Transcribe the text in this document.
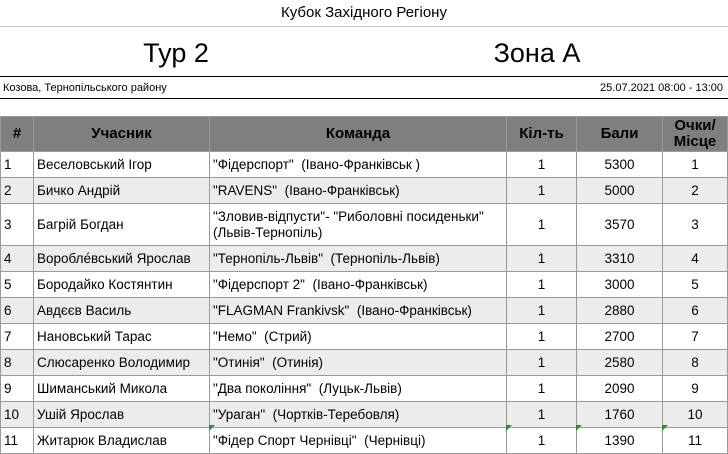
Кубок Західного Регіону
Тур 2	Зона А
Козова, Тернопільського району	25.07.2021 08:00 - 13:00
#	Учасник	Команда	Кіл-ть	Бали	Очки/ Місце
1	Веселовський Ігор	"Фідерспорт"  (Івано-Франківськ )	1	5300	1
2	Бичко Андрій	"RAVENS"  (Івано-Франківськ)	1	5000	2
3	Багрій Богдан	"Зловив-відпусти"- "Риболовні посиденьки"  (Львів-Тернопіль)	1	3570	3
4	Воробле́вський Ярослав	"Тернопіль-Львів"  (Тернопіль-Львів)	1	3310	4
5	Бородайко Костянтин	"Фідерспорт 2"  (Івано-Франківськ)	1	3000	5
6	Авдєєв Василь	"FLAGMAN Frankivsk"  (Івано-Франківськ)	1	2880	6
7	Нановський Тарас	"Немо"  (Стрий)	1	2700	7
8	Слюсаренко Володимир	"Отинія"  (Отинія)	1	2580	8
9	Шиманський Микола	"Два покоління"  (Луцьк-Львів)	1	2090	9
10	Ушій Ярослав	"Ураган"  (Чортків-Теребовля)	1	1760	10
11	Житарюк Владислав	"Фідер Спорт Чернівці"  (Чернівці)	1	1390	11
